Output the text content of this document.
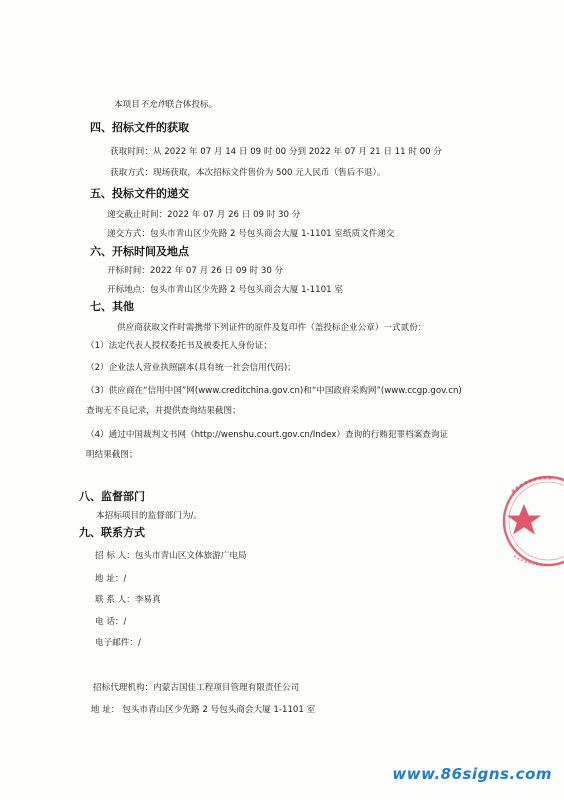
本项目不允许联合体投标。
四、招标文件的获取
获取时间：从 2022 年 07 月 14 日 09 时 00 分到 2022 年 07 月 21 日 11 时 00 分
获取方式：现场获取，本次招标文件售价为 500 元人民币（售后不退）。
五、投标文件的递交
递交截止时间：2022 年 07 月 26 日 09 时 30 分
递交方式：包头市青山区少先路 2 号包头商会大厦 1-1101 室纸质文件递交
六、开标时间及地点
开标时间：2022 年 07 月 26 日 09 时 30 分
开标地点：包头市青山区少先路 2 号包头商会大厦 1-1101 室
七、其他
供应商获取文件时需携带下列证件的原件及复印件（盖投标企业公章）一式贰份：
（1）法定代表人授权委托书及被委托人身份证；
（2）企业法人营业执照副本(具有统一社会信用代码)；
（3）供应商在“信用中国”网(www.creditchina.gov.cn)和“中国政府采购网”(www.ccgp.gov.cn)
查询无不良记录，并提供查询结果截图；
（4）通过中国裁判文书网（http://wenshu.court.gov.cn/Index）查询的行贿犯罪档案查询证
明结果截图；
八、监督部门
本招标项目的监督部门为/。
九、联系方式
招 标 人：包头市青山区文体旅游广电局
地 址：/
联 系 人：李易真
电 话：/
电子邮件：/
招标代理机构：内蒙古国佳工程项目管理有限责任公司
地 址： 包头市青山区少先路 2 号包头商会大厦 1-1101 室
www.86signs.com
